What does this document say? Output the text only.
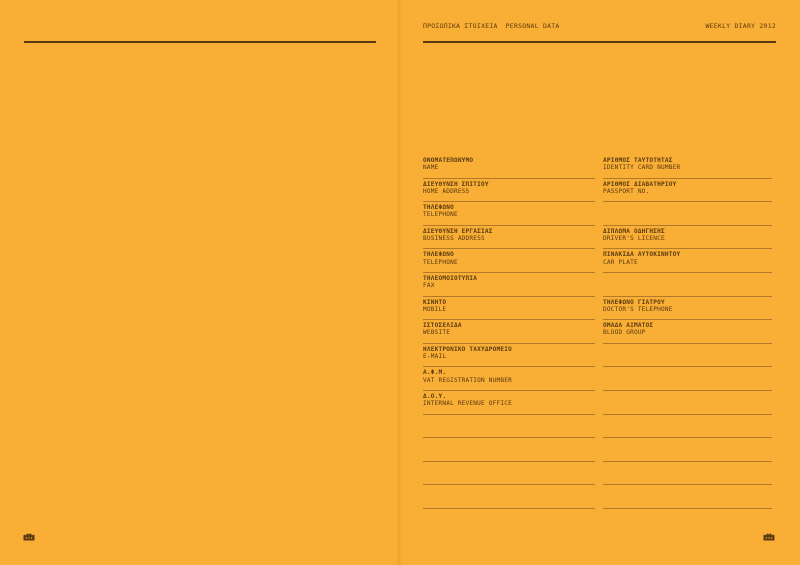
ΠΡΟΣΩΠΙΚΑ ΣΤΟΙΧΕΙΑ PERSONAL DATA	WEEKLY DIARY 2012
ΟΝΟΜΑΤΕΠΩΝΥΜΟ
NAME
ΔΙΕΥΘΥΝΣΗ ΣΠΙΤΙΟΥ
HOME ADDRESS
ΤΗΛΕΦΩΝΟ
TELEPHONE
ΔΙΕΥΘΥΝΣΗ ΕΡΓΑΣΙΑΣ
BUSINESS ADDRESS
ΤΗΛΕΦΩΝΟ
TELEPHONE
ΤΗΛΕΟΜΟΙΟΤΥΠΙΑ
FAX
ΚΙΝΗΤΟ
MOBILE
ΙΣΤΟΣΕΛΙΔΑ
WEBSITE
ΗΛΕΚΤΡΟΝΙΚΟ ΤΑΧΥΔΡΟΜΕΙΟ
E-MAIL
Α.Φ.Μ.
VAT REGISTRATION NUMBER
Δ.Ο.Υ.
INTERNAL REVENUE OFFICE
ΑΡΙΘΜΟΣ ΤΑΥΤΟΤΗΤΑΣ
IDENTITY CARD NUMBER
ΑΡΙΘΜΟΣ ΔΙΑΒΑΤΗΡΙΟΥ
PASSPORT NO.
ΔΙΠΛΩΜΑ ΟΔΗΓΗΣΗΣ
DRIVER'S LICENCE
ΠΙΝΑΚΙΔΑ ΑΥΤΟΚΙΝΗΤΟΥ
CAR PLATE
ΤΗΛΕΦΩΝΟ ΓΙΑΤΡΟΥ
DOCTOR'S TELEPHONE
ΟΜΑΔΑ ΑΙΜΑΤΟΣ
BLOOD GROUP
